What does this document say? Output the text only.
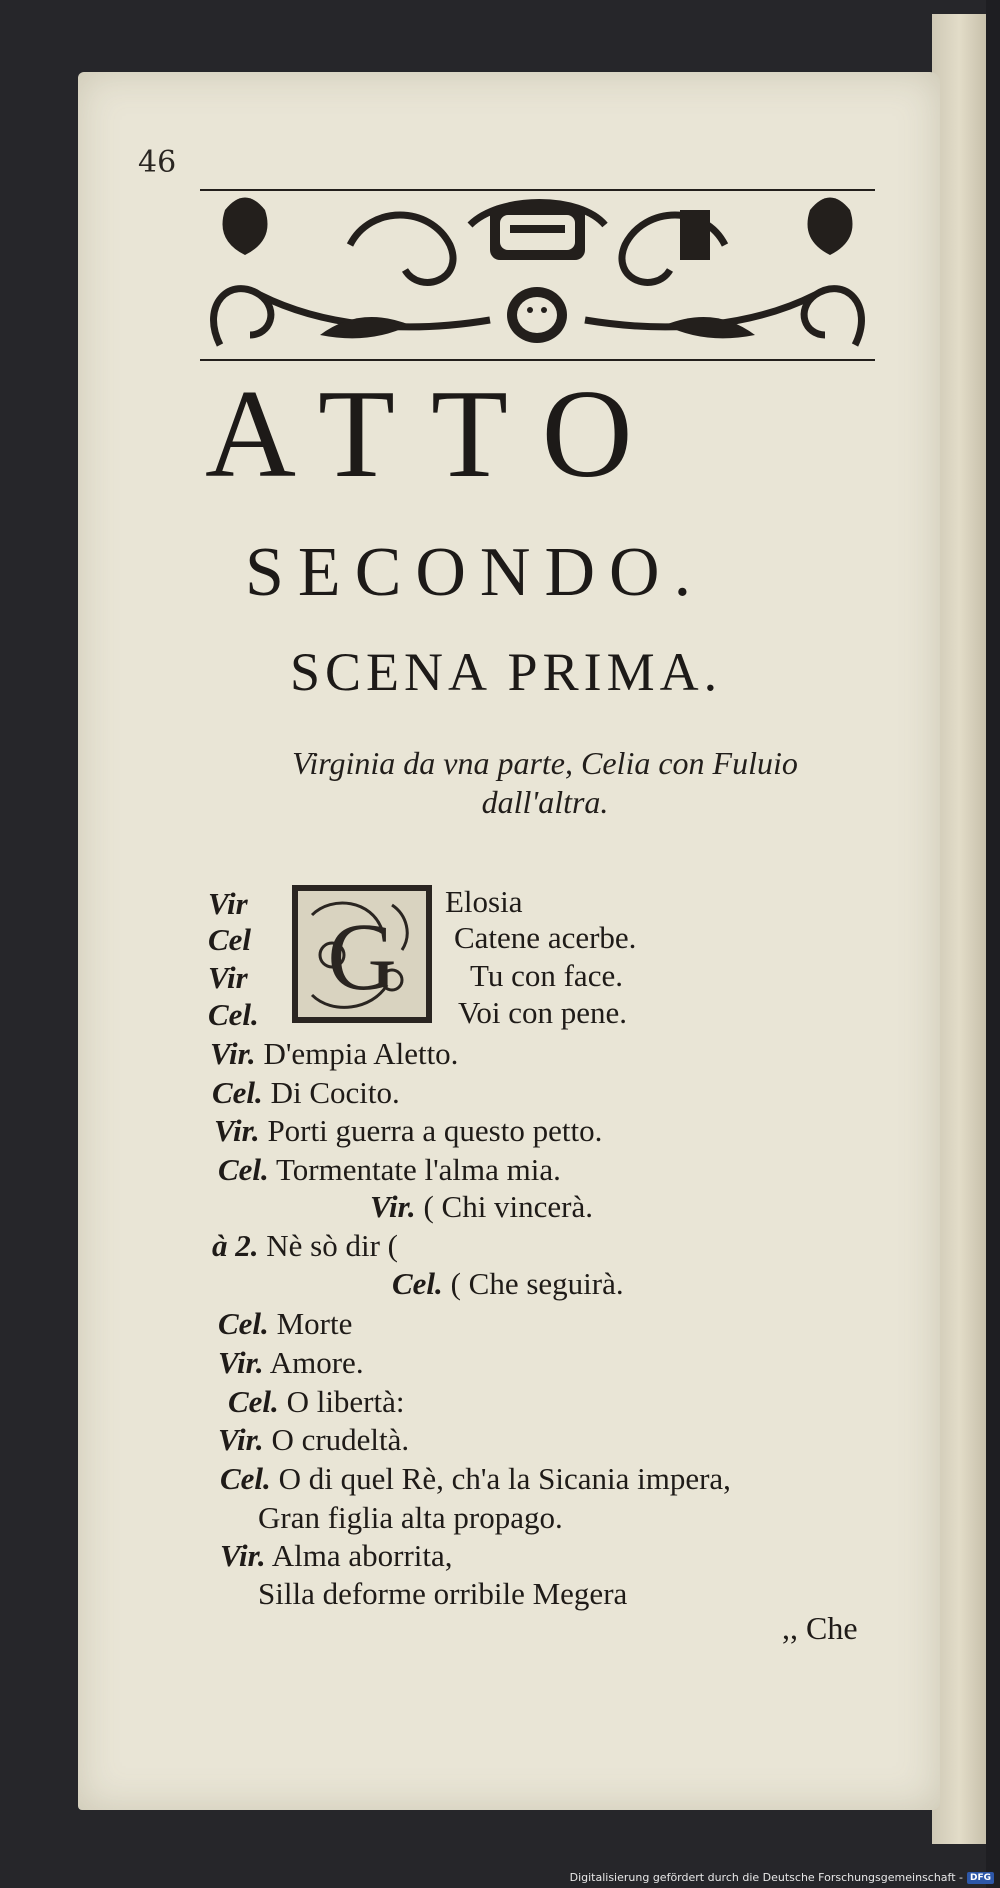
46

ATTO
SECONDO.
SCENA PRIMA.
Virginia da vna parte, Celia con Fuluio
dall'altra.
G
Vir	Elosia
Cel	Catene acerbe.
Vir	Tu con face.
Cel.	Voi con pene.
Vir. D'empia Aletto.
Cel. Di Cocito.
Vir. Porti guerra a questo petto.
Cel. Tormentate l'alma mia.
Vir. ( Chi vincerà.
à 2. Nè sò dir (
Cel. ( Che seguirà.
Cel. Morte
Vir. Amore.
Cel. O libertà:
Vir. O crudeltà.
Cel. O di quel Rè, ch'a la Sicania impera,
Gran figlia alta propago.
Vir. Alma aborrita,
Silla deforme orribile Megera
,, Che
Digitalisierung gefördert durch die Deutsche Forschungsgemeinschaft - DFG
